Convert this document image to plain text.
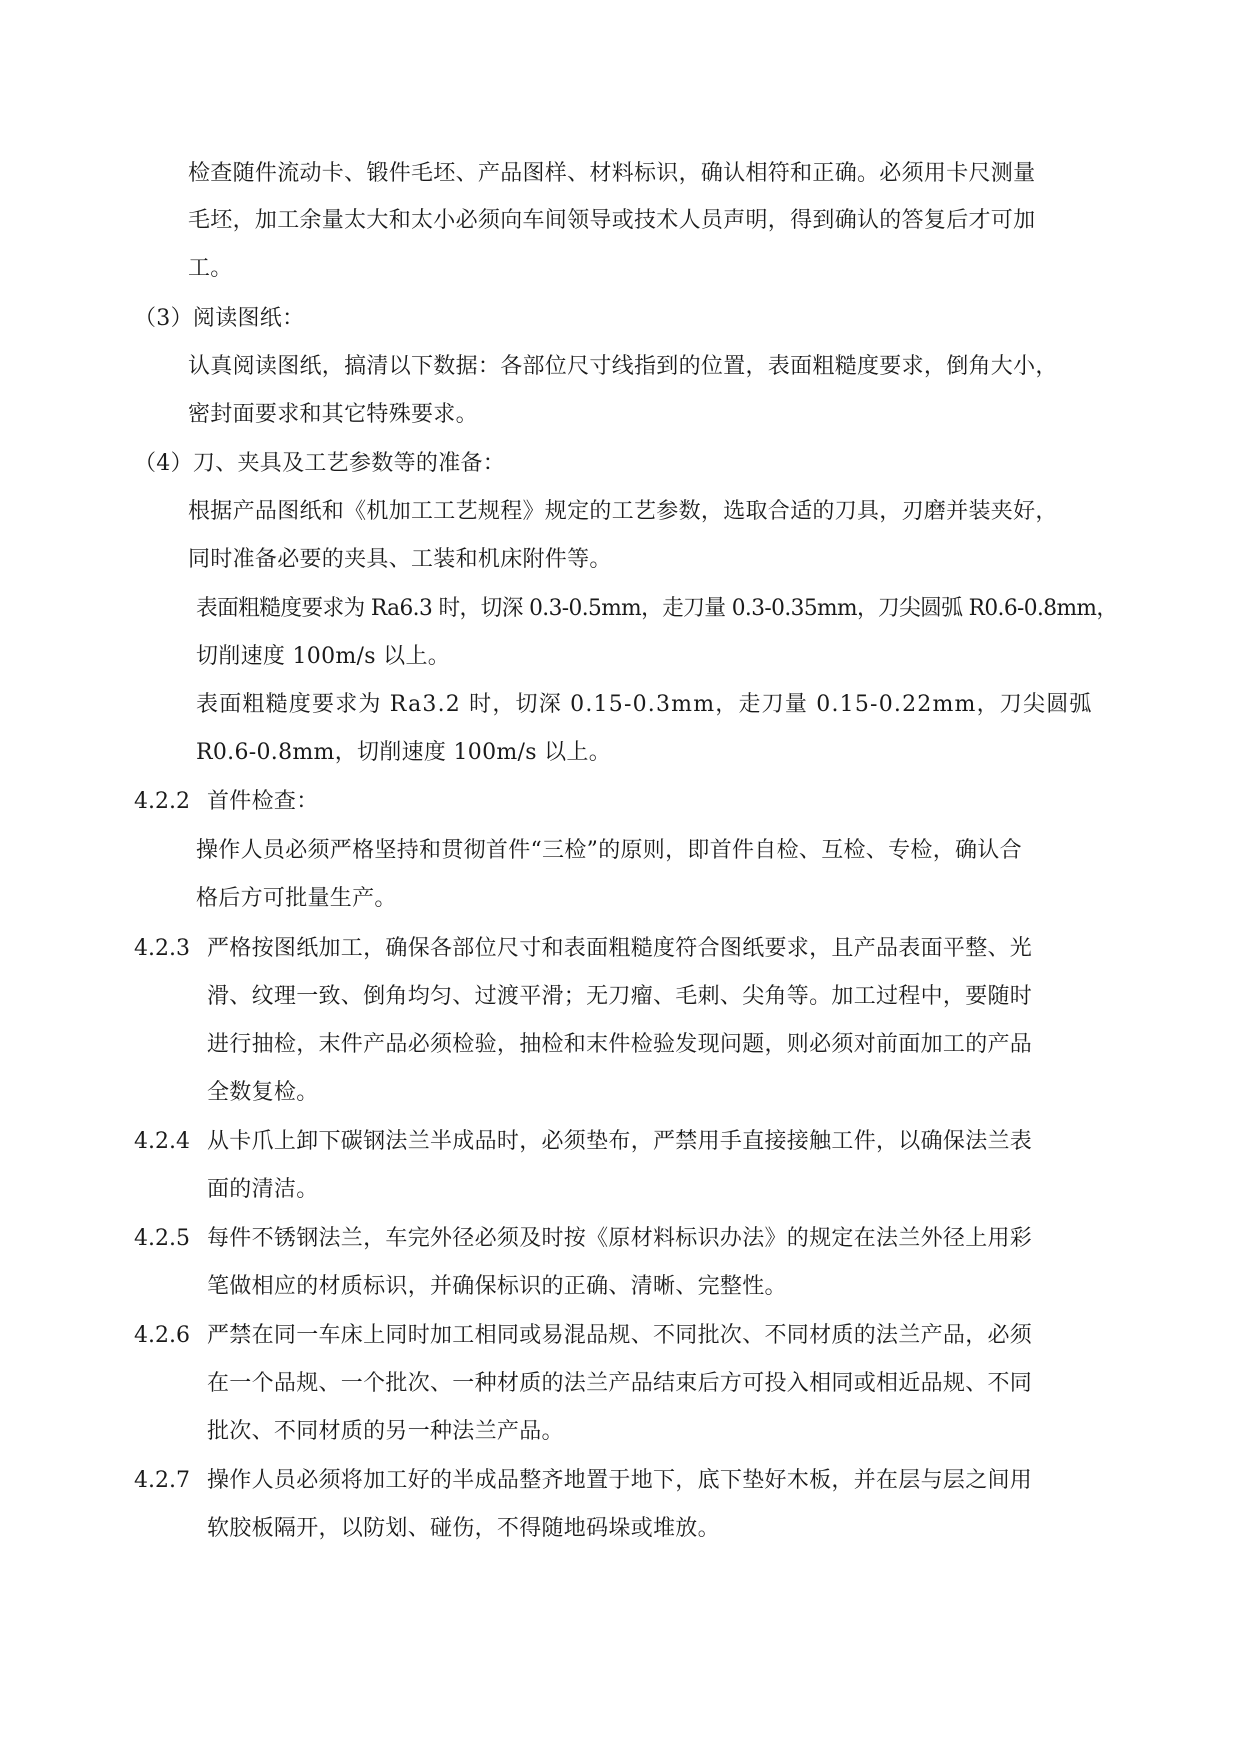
检查随件流动卡、锻件毛坯、产品图样、材料标识，确认相符和正确。必须用卡尺测量
毛坯，加工余量太大和太小必须向车间领导或技术人员声明，得到确认的答复后才可加
工。
（3）阅读图纸：
认真阅读图纸，搞清以下数据：各部位尺寸线指到的位置，表面粗糙度要求，倒角大小，
密封面要求和其它特殊要求。
（4）刀、夹具及工艺参数等的准备：
根据产品图纸和《机加工工艺规程》规定的工艺参数，选取合适的刀具，刃磨并装夹好，
同时准备必要的夹具、工装和机床附件等。
表面粗糙度要求为 Ra6.3 时，切深 0.3-0.5mm，走刀量 0.3-0.35mm，刀尖圆弧 R0.6-0.8mm，
切削速度 100m/s 以上。
表面粗糙度要求为 Ra3.2 时，切深 0.15-0.3mm，走刀量 0.15-0.22mm，刀尖圆弧
R0.6-0.8mm，切削速度 100m/s 以上。
4.2.2 首件检查：
操作人员必须严格坚持和贯彻首件“三检”的原则，即首件自检、互检、专检，确认合
格后方可批量生产。
4.2.3 严格按图纸加工，确保各部位尺寸和表面粗糙度符合图纸要求，且产品表面平整、光
滑、纹理一致、倒角均匀、过渡平滑；无刀瘤、毛刺、尖角等。加工过程中，要随时
进行抽检，末件产品必须检验，抽检和末件检验发现问题，则必须对前面加工的产品
全数复检。
4.2.4 从卡爪上卸下碳钢法兰半成品时，必须垫布，严禁用手直接接触工件，以确保法兰表
面的清洁。
4.2.5 每件不锈钢法兰，车完外径必须及时按《原材料标识办法》的规定在法兰外径上用彩
笔做相应的材质标识，并确保标识的正确、清晰、完整性。
4.2.6 严禁在同一车床上同时加工相同或易混品规、不同批次、不同材质的法兰产品，必须
在一个品规、一个批次、一种材质的法兰产品结束后方可投入相同或相近品规、不同
批次、不同材质的另一种法兰产品。
4.2.7 操作人员必须将加工好的半成品整齐地置于地下，底下垫好木板，并在层与层之间用
软胶板隔开，以防划、碰伤，不得随地码垛或堆放。
